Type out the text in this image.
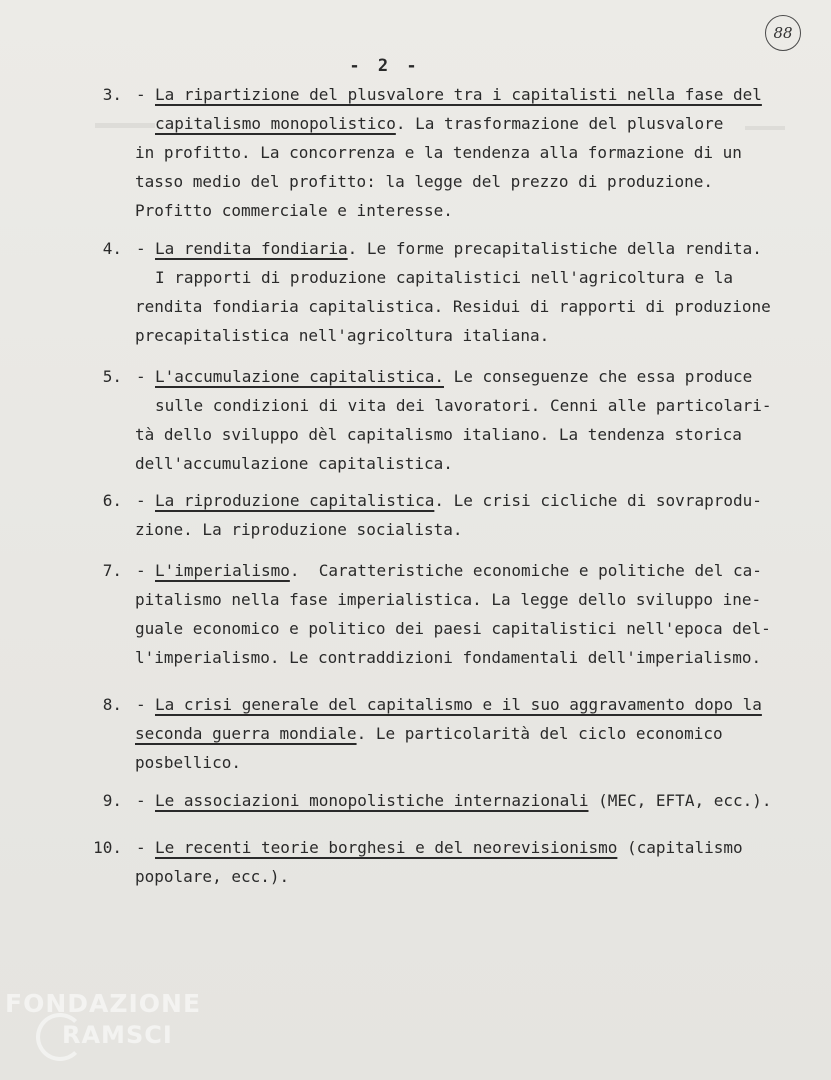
88
- 2 -
3. - La ripartizione del plusvalore tra i capitalisti nella fase del
capitalismo monopolistico. La trasformazione del plusvalore
in profitto. La concorrenza e la tendenza alla formazione di un
tasso medio del profitto: la legge del prezzo di produzione.
Profitto commerciale e interesse.
4. - La rendita fondiaria. Le forme precapitalistiche della rendita.
I rapporti di produzione capitalistici nell'agricoltura e la
rendita fondiaria capitalistica. Residui di rapporti di produzione
precapitalistica nell'agricoltura italiana.
5. - L'accumulazione capitalistica. Le conseguenze che essa produce
sulle condizioni di vita dei lavoratori. Cenni alle particolari-
tà dello sviluppo dèl capitalismo italiano. La tendenza storica
dell'accumulazione capitalistica.
6. - La riproduzione capitalistica. Le crisi cicliche di sovraprodu-
zione. La riproduzione socialista.
7. - L'imperialismo.  Caratteristiche economiche e politiche del ca-
pitalismo nella fase imperialistica. La legge dello sviluppo ine-
guale economico e politico dei paesi capitalistici nell'epoca del-
l'imperialismo. Le contraddizioni fondamentali dell'imperialismo.
8. - La crisi generale del capitalismo e il suo aggravamento dopo la
seconda guerra mondiale. Le particolarità del ciclo economico
posbellico.
9. - Le associazioni monopolistiche internazionali (MEC, EFTA, ecc.).
10. - Le recenti teorie borghesi e del neorevisionismo (capitalismo
popolare, ecc.).
FONDAZIONE
RAMSCI
